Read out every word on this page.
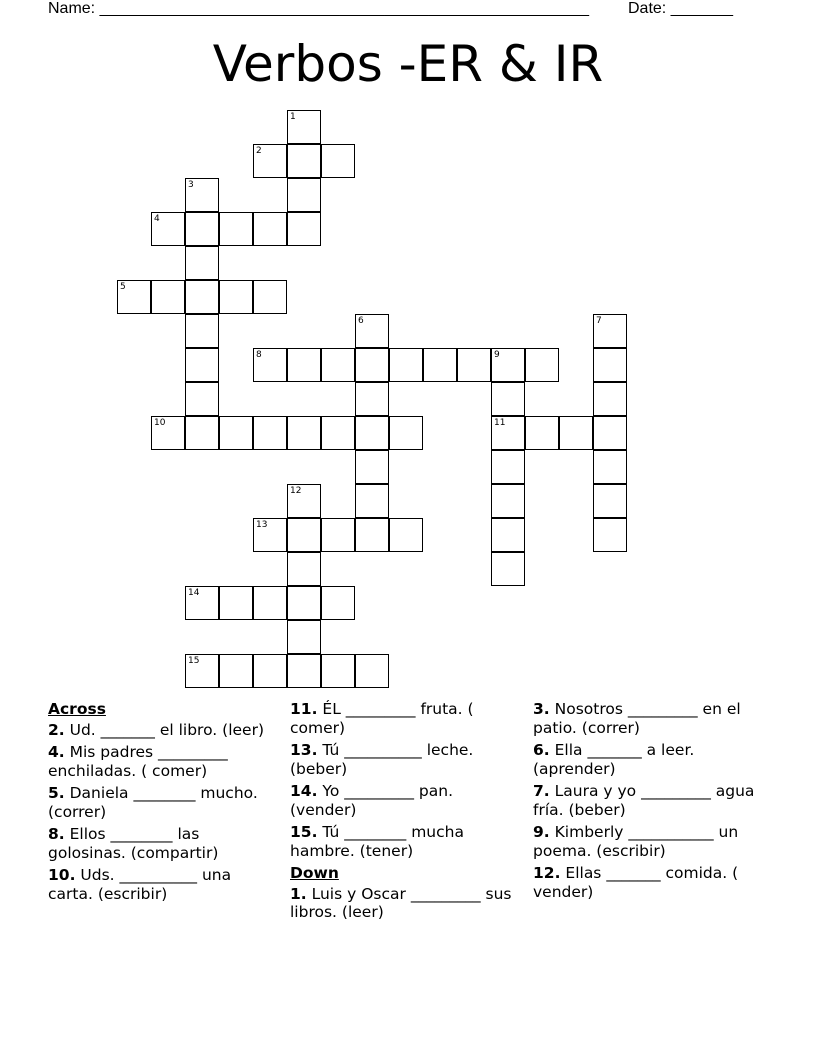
Name: _______________________________________________________ Date: _______
Verbos -ER & IR
1
2
3
4
5
6	7
8	9
10	11
12
13
14
15
Across
2. Ud. _______ el libro. (leer)
4. Mis padres _________ enchiladas. ( comer)
5. Daniela ________ mucho. (correr)
8. Ellos ________ las golosinas. (compartir)
10. Uds. __________ una carta. (escribir)
11. ÉL _________ fruta. ( comer)
13. Tú __________ leche. (beber)
14. Yo _________ pan. (vender)
15. Tú ________ mucha hambre. (tener)
Down
1. Luis y Oscar _________ sus libros. (leer)
3. Nosotros _________ en el patio. (correr)
6. Ella _______ a leer. (aprender)
7. Laura y yo _________ agua fría. (beber)
9. Kimberly ___________ un poema. (escribir)
12. Ellas _______ comida. ( vender)
